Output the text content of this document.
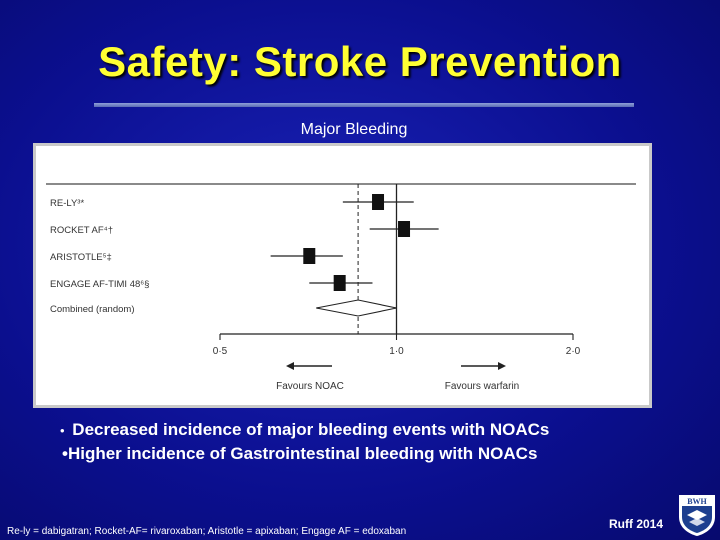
Safety: Stroke Prevention
Major Bleeding
RE-LY³*
ROCKET AF⁴†
ARISTOTLE⁵‡
ENGAGE AF-TIMI 48⁶§
Combined (random)
0·5	1·0	2·0
Favours NOAC	Favours warfarin
• Decreased incidence of major bleeding events with NOACs
•Higher incidence of Gastrointestinal bleeding with NOACs
Re-ly = dabigatran; Rocket-AF= rivaroxaban; Aristotle = apixaban; Engage AF = edoxaban
Ruff 2014
BWH
